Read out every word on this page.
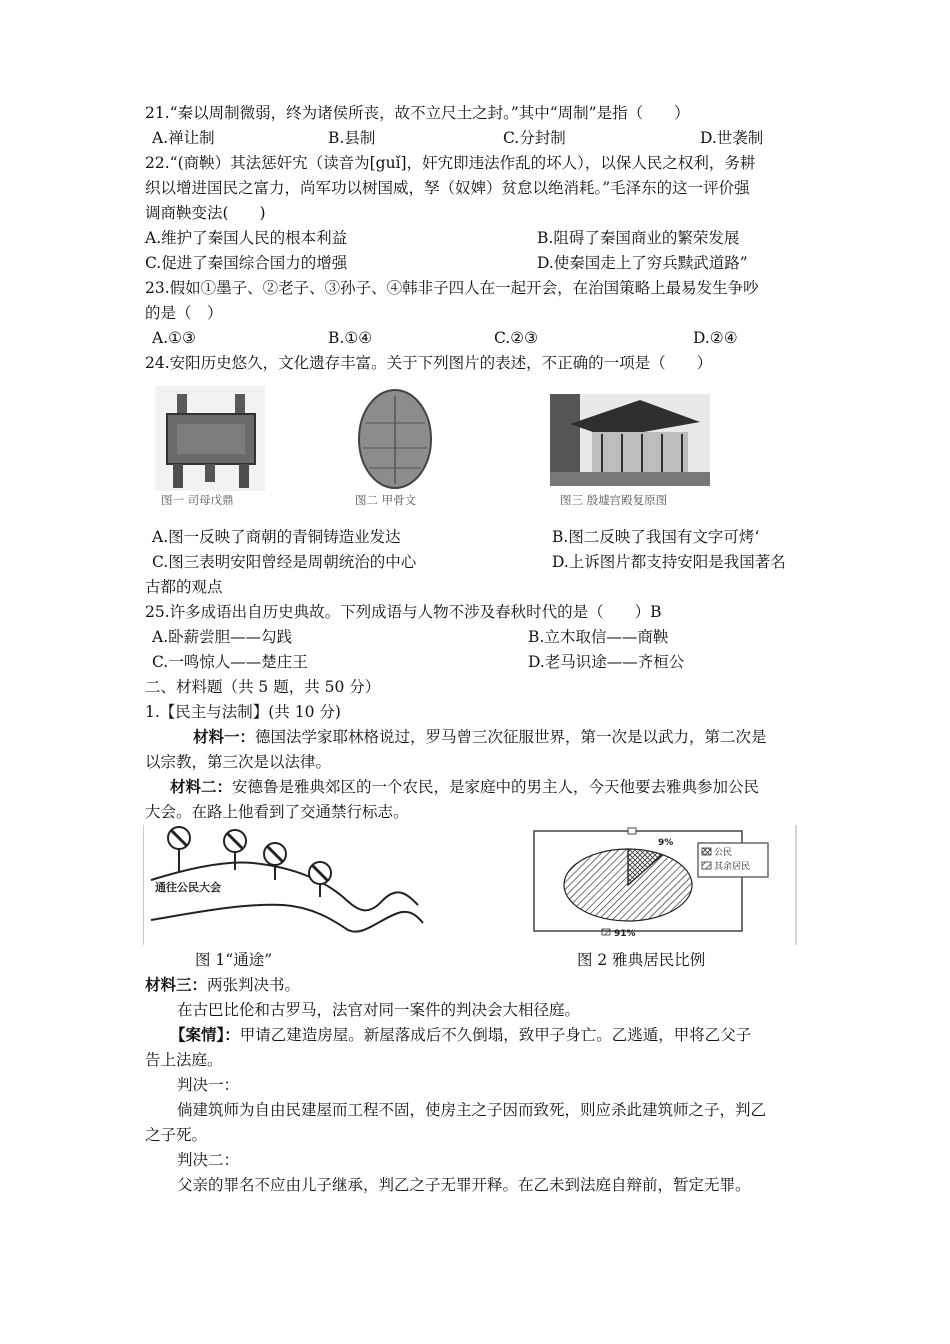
21.“秦以周制微弱，终为诸侯所丧，故不立尺土之封。”其中“周制”是指（　　）
A.禅让制	B.县制	C.分封制	D.世袭制
22.“(商鞅）其法惩奸宄（读音为[guǐ]，奸宄即违法作乱的坏人），以保人民之权利，务耕
织以增进国民之富力，尚军功以树国威，孥（奴婢）贫怠以绝消耗。”毛泽东的这一评价强
调商鞅变法(　　)
A.维护了秦国人民的根本利益	B.阻碍了秦国商业的繁荣发展
C.促进了秦国综合国力的增强	D.使秦国走上了穷兵黩武道路”
23.假如①墨子、②老子、③孙子、④韩非子四人在一起开会，在治国策略上最易发生争吵
的是（　）
A.①③	B.①④	C.②③	D.②④
24.安阳历史悠久，文化遗存丰富。关于下列图片的表述，不正确的一项是（　　）
图一 司母戊鼎	图二 甲骨文	图三 殷墟宫殿复原图
A.图一反映了商朝的青铜铸造业发达	B.图二反映了我国有文字可烤‘
C.图三表明安阳曾经是周朝统治的中心	D.上诉图片都支持安阳是我国著名
古都的观点
25.许多成语出自历史典故。下列成语与人物不涉及春秋时代的是（　　）B
A.卧薪尝胆——勾践	B.立木取信——商鞅
C.一鸣惊人——楚庄王	D.老马识途——齐桓公
二、材料题（共 5 题，共 50 分）
1.【民主与法制】(共 10 分)
材料一：德国法学家耶林格说过，罗马曾三次征服世界，第一次是以武力，第二次是
以宗教，第三次是以法律。
材料二：安德鲁是雅典郊区的一个农民，是家庭中的男主人，今天他要去雅典参加公民
大会。在路上他看到了交通禁行标志。
通往公民大会
9%
91%
公民
其余居民
图 1“通途”	图 2 雅典居民比例
材料三：两张判决书。
在古巴比伦和古罗马，法官对同一案件的判决会大相径庭。
【案情】：甲请乙建造房屋。新屋落成后不久倒塌，致甲子身亡。乙逃遁，甲将乙父子
告上法庭。
判决一：
倘建筑师为自由民建屋而工程不固，使房主之子因而致死，则应杀此建筑师之子，判乙
之子死。
判决二：
父亲的罪名不应由儿子继承，判乙之子无罪开释。在乙未到法庭自辩前，暂定无罪。
